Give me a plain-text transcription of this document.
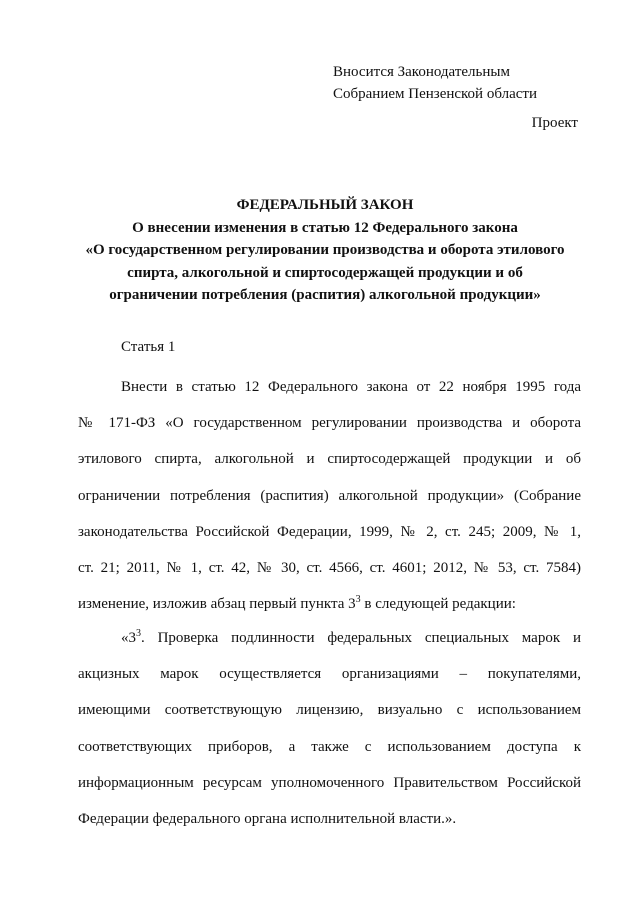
Вносится Законодательным
Собранием Пензенской области
Проект
ФЕДЕРАЛЬНЫЙ ЗАКОН
О внесении изменения в статью 12 Федерального закона
«О государственном регулировании производства и оборота этилового
спирта, алкогольной и спиртосодержащей продукции и об
ограничении потребления (распития) алкогольной продукции»
Статья 1
Внести в статью 12 Федерального закона от 22 ноября 1995 года
№ 171-ФЗ «О государственном регулировании производства и оборота
этилового спирта, алкогольной и спиртосодержащей продукции и об
ограничении потребления (распития) алкогольной продукции» (Собрание
законодательства Российской Федерации, 1999, № 2, ст. 245; 2009, № 1,
ст. 21; 2011, № 1, ст. 42, № 30, ст. 4566, ст. 4601; 2012, № 53, ст. 7584)
изменение, изложив абзац первый пункта $3^3$ в следующей редакции:
«$3^3$. Проверка подлинности федеральных специальных марок и
акцизных марок осуществляется организациями – покупателями,
имеющими соответствующую лицензию, визуально с использованием
соответствующих приборов, а также с использованием доступа к
информационным ресурсам уполномоченного Правительством Российской
Федерации федерального органа исполнительной власти.».
